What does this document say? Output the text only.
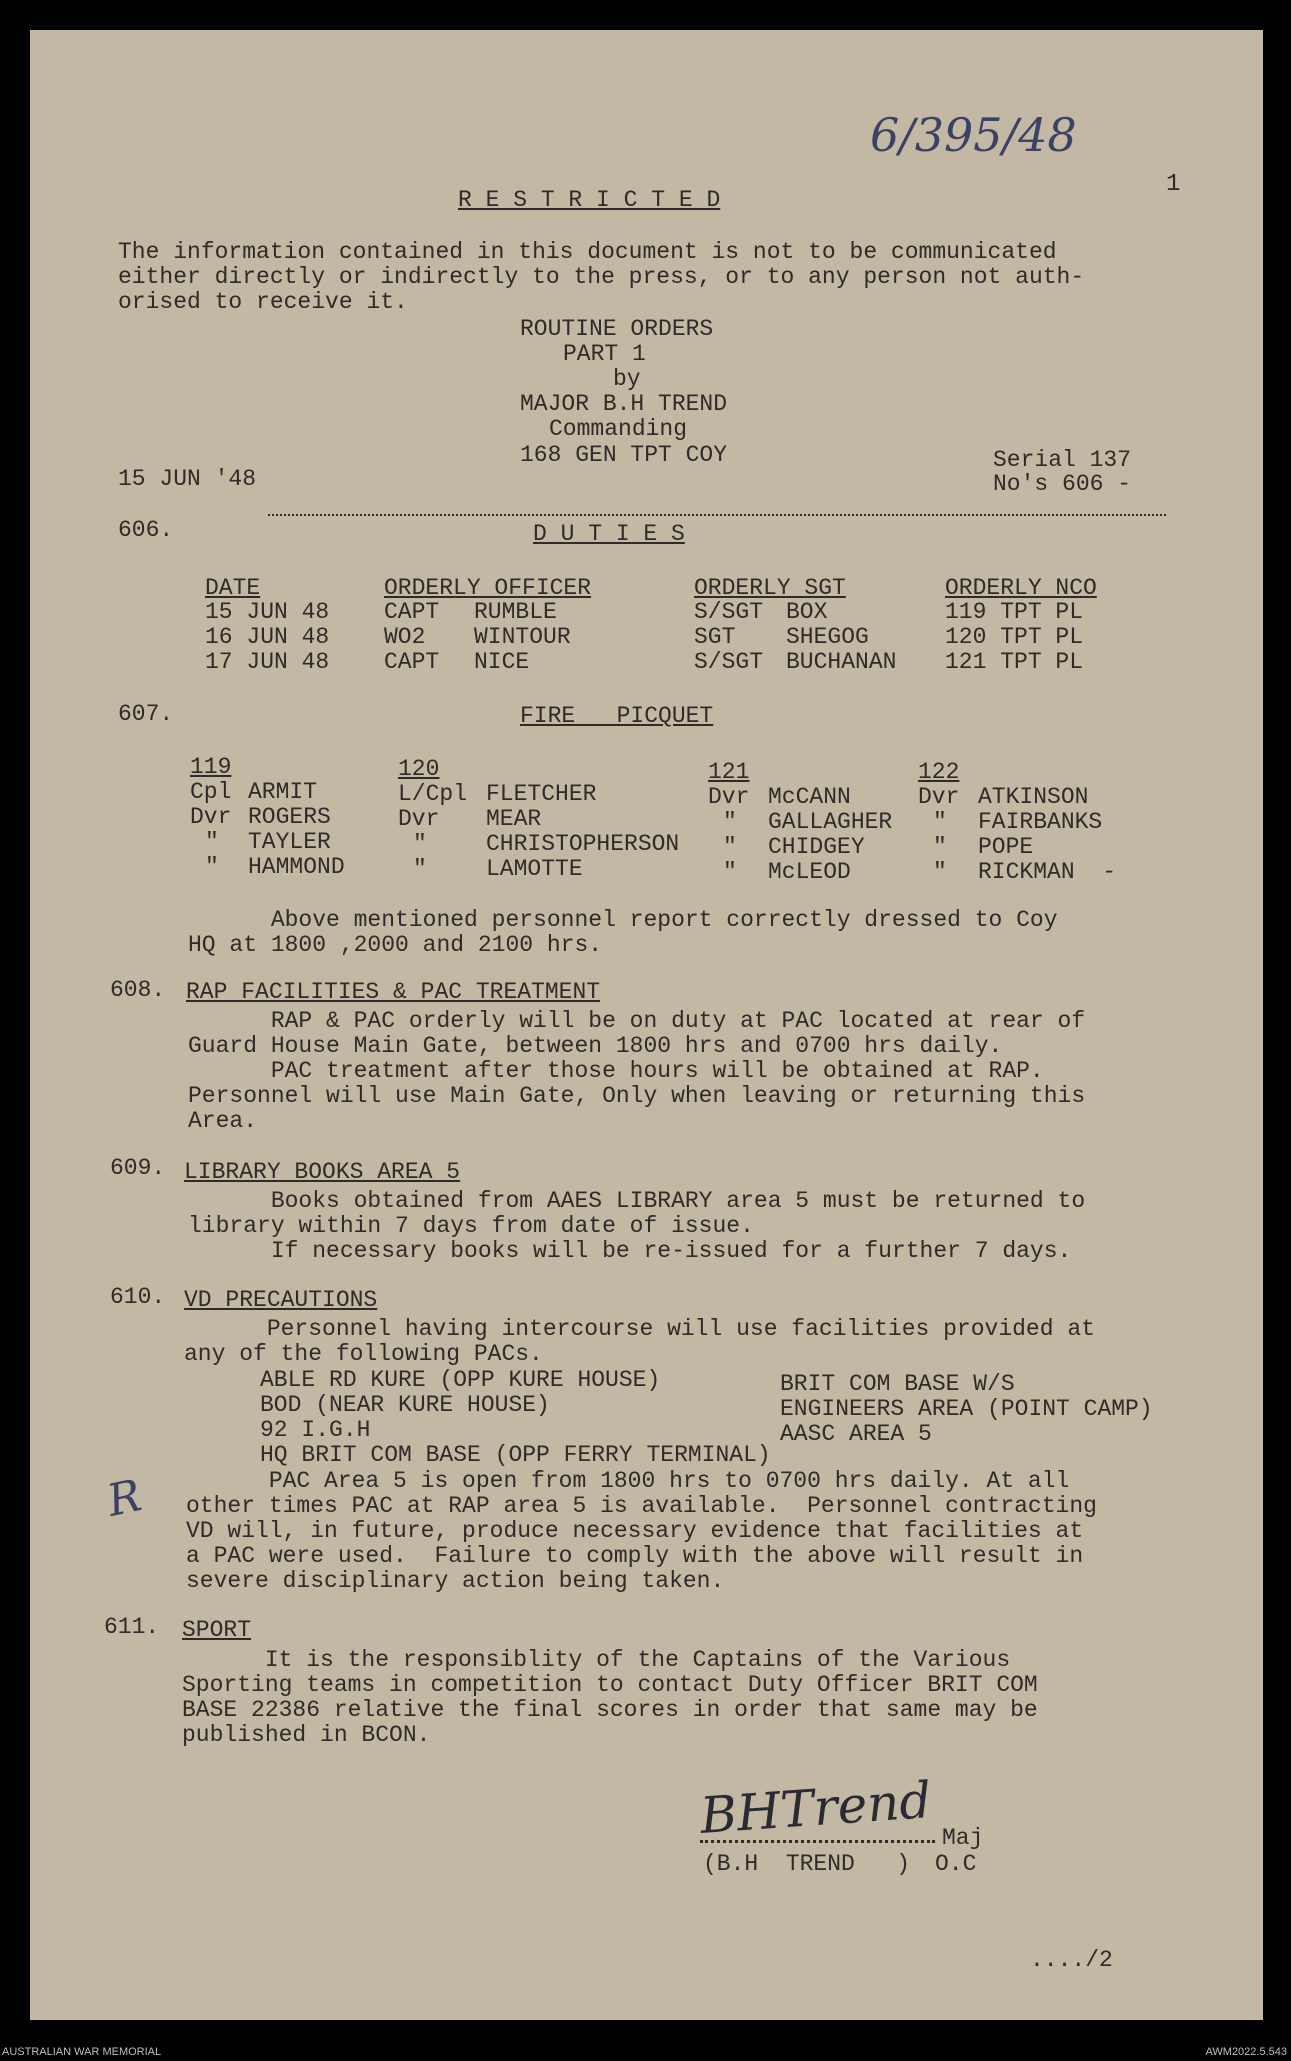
6/395/48
1
R E S T R I C T E D
The information contained in this document is not to be communicated
either directly or indirectly to the press, or to any person not auth-
orised to receive it.
ROUTINE ORDERS
PART 1
by
MAJOR B.H TREND
Commanding
168 GEN TPT COY
15 JUN '48
Serial 137
No's 606 -
606.	D U T I E S
DATE	ORDERLY OFFICER	ORDERLY SGT	ORDERLY NCO
15 JUN 48 CAPT RUMBLE	S/SGT BOX	119 TPT PL
16 JUN 48 WO2 WINTOUR	SGT SHEGOG	120 TPT PL
17 JUN 48 CAPT NICE	S/SGT BUCHANAN 121 TPT PL
607.	FIRE   PICQUET
119
Cpl ARMIT
Dvr ROGERS
" TAYLER
" HAMMOND
120
L/Cpl FLETCHER
Dvr MEAR
"	CHRISTOPHERSON
"	LAMOTTE
121
Dvr McCANN
" GALLAGHER
" CHIDGEY
" McLEOD
122
Dvr ATKINSON
" FAIRBANKS
" POPE
" RICKMAN  -
Above mentioned personnel report correctly dressed to Coy
HQ at 1800 ,2000 and 2100 hrs.
608. RAP FACILITIES & PAC TREATMENT
RAP & PAC orderly will be on duty at PAC located at rear of
Guard House Main Gate, between 1800 hrs and 0700 hrs daily.
PAC treatment after those hours will be obtained at RAP.
Personnel will use Main Gate, Only when leaving or returning this
Area.
609. LIBRARY BOOKS AREA 5
Books obtained from AAES LIBRARY area 5 must be returned to
library within 7 days from date of issue.
If necessary books will be re-issued for a further 7 days.
610. VD PRECAUTIONS
Personnel having intercourse will use facilities provided at
any of the following PACs.
ABLE RD KURE (OPP KURE HOUSE)
BOD (NEAR KURE HOUSE)
92 I.G.H
HQ BRIT COM BASE (OPP FERRY TERMINAL)
BRIT COM BASE W/S
ENGINEERS AREA (POINT CAMP)
AASC AREA 5
PAC Area 5 is open from 1800 hrs to 0700 hrs daily. At all
other times PAC at RAP area 5 is available.  Personnel contracting
VD will, in future, produce necessary evidence that facilities at
a PAC were used.  Failure to comply with the above will result in
severe disciplinary action being taken.
R
611. SPORT
It is the responsiblity of the Captains of the Various
Sporting teams in competition to contact Duty Officer BRIT COM
BASE 22386 relative the final scores in order that same may be
published in BCON.
BHTrend Maj
(B.H  TREND   ) O.C
..../2
AUSTRALIAN WAR MEMORIAL	AWM2022.5.543
